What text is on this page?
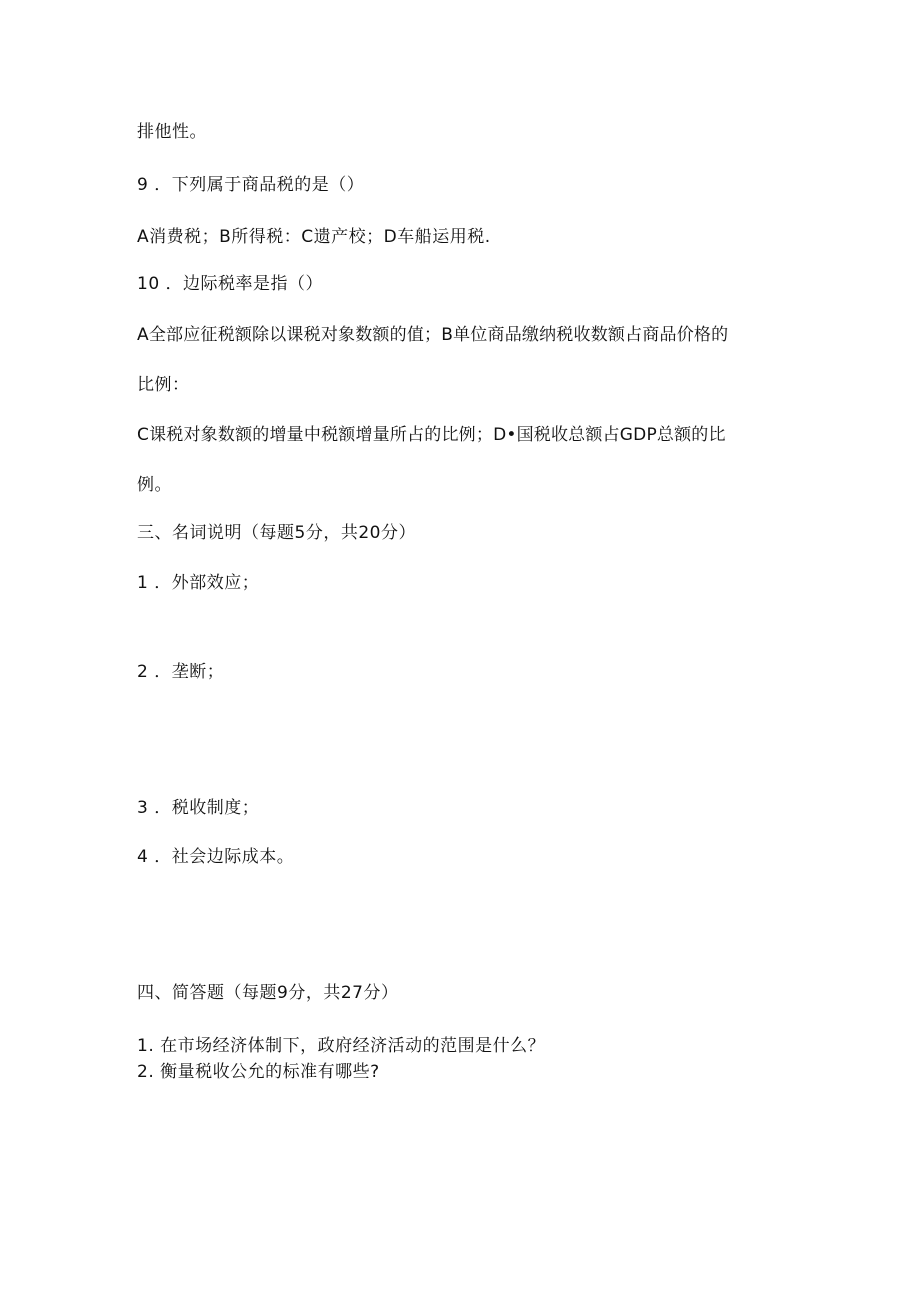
排他性。
9 ．下列属于商品税的是（）
A消费税；B所得税：C遗产校；D车船运用税.
10 ．边际税率是指（）
A全部应征税额除以课税对象数额的值；B单位商品缴纳税收数额占商品价格的
比例：
C课税对象数额的增量中税额增量所占的比例；D•国税收总额占GDP总额的比
例。
三、名词说明（每题5分，共20分）
1 ．外部效应；
2 ．垄断；
3 ．税收制度；
4 ．社会边际成本。
四、简答题（每题9分，共27分）
1. 在市场经济体制下，政府经济活动的范围是什么？
2. 衡量税收公允的标准有哪些?
